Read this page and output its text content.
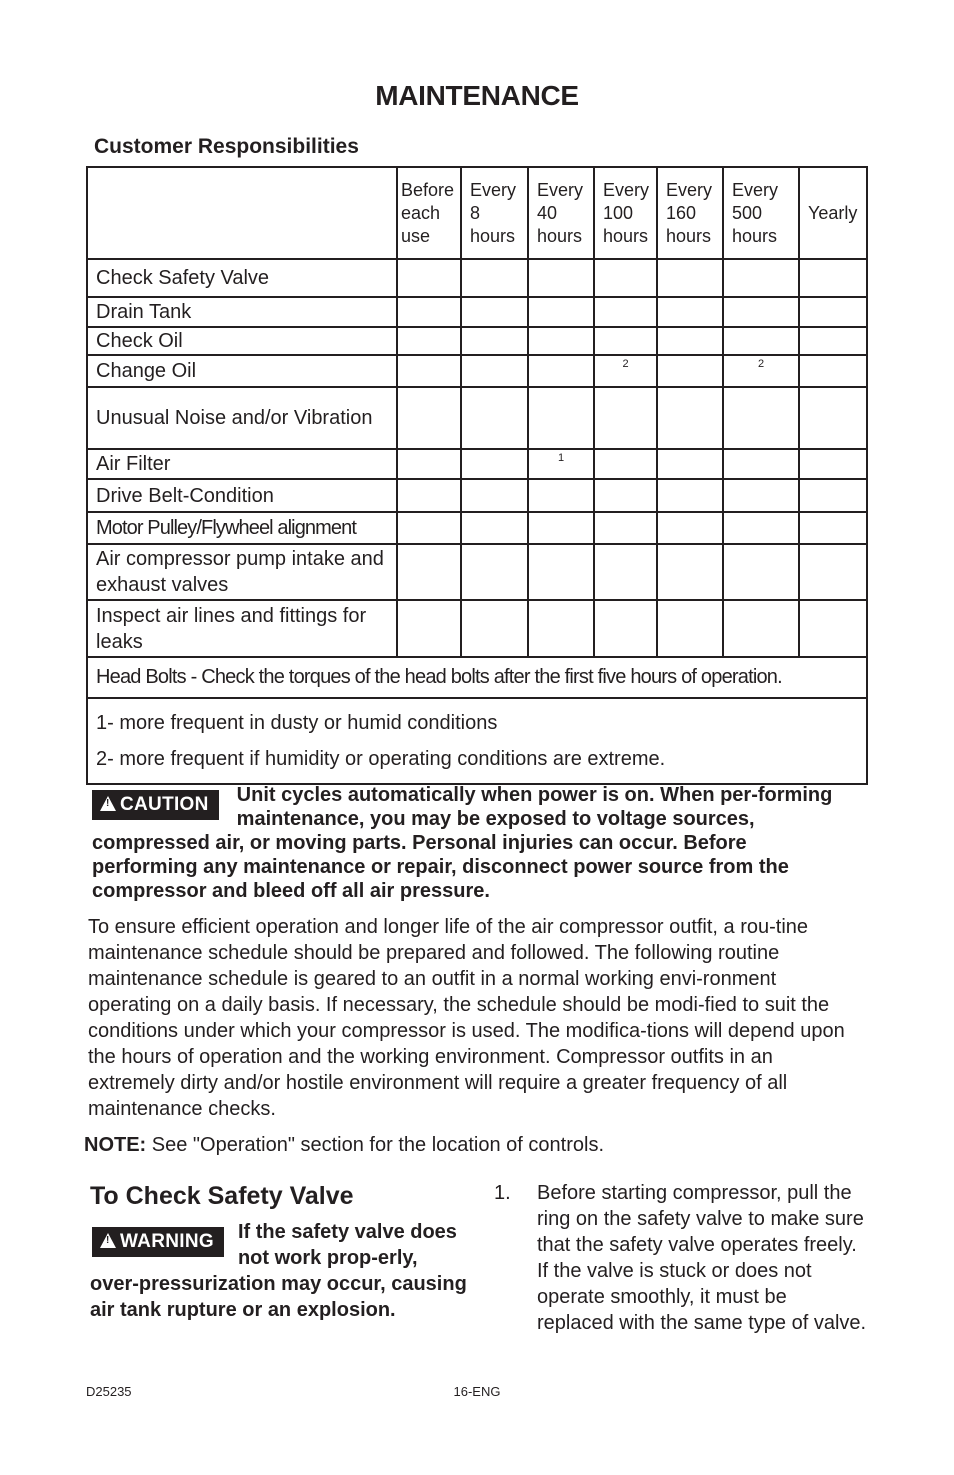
MAINTENANCE
Customer Responsibilities
	Before
each
use	Every
8
hours	Every
40
hours	Every
100
hours	Every
160
hours	Every
500
hours	Yearly
Check Safety Valve							
Drain Tank							
Check Oil							
Change Oil				2		2	

Unusual Noise and/or Vibration							
Air Filter			1				

Drive Belt-Condition							
Motor Pulley/Flywheel alignment							
Air compressor pump intake and exhaust valves							
Inspect air lines and fittings for leaks							
Head Bolts - Check the torques of the head bolts after the first five hours of operation.							

1- more frequent in dusty or humid conditions
2- more frequent if humidity or operating conditions are extreme.							
!CAUTION	Unit cycles automatically when power is on. When per-forming maintenance, you may be exposed to voltage sources, compressed air, or moving parts. Personal injuries can occur. Before performing any maintenance or repair, disconnect power source from the compressor and bleed off all air pressure.
To ensure efficient operation and longer life of the air compressor outfit, a rou-tine maintenance schedule should be prepared and followed. The following routine maintenance schedule is geared to an outfit in a normal working envi-ronment operating on a daily basis. If necessary, the schedule should be modi-fied to suit the conditions under which your compressor is used. The modifica-tions will depend upon the hours of operation and the working environment. Compressor outfits in an extremely dirty and/or hostile environment will require a greater frequency of all maintenance checks.
NOTE: See "Operation" section for the location of controls.
To Check Safety Valve
!WARNING	If the safety valve does not work prop-erly, over-pressurization may occur, causing air tank rupture or an explosion.
1. Before starting compressor, pull the ring on the safety valve to make sure that the safety valve operates freely. If the valve is stuck or does not operate smoothly, it must be replaced with the same type of valve.
D25235	16-ENG
